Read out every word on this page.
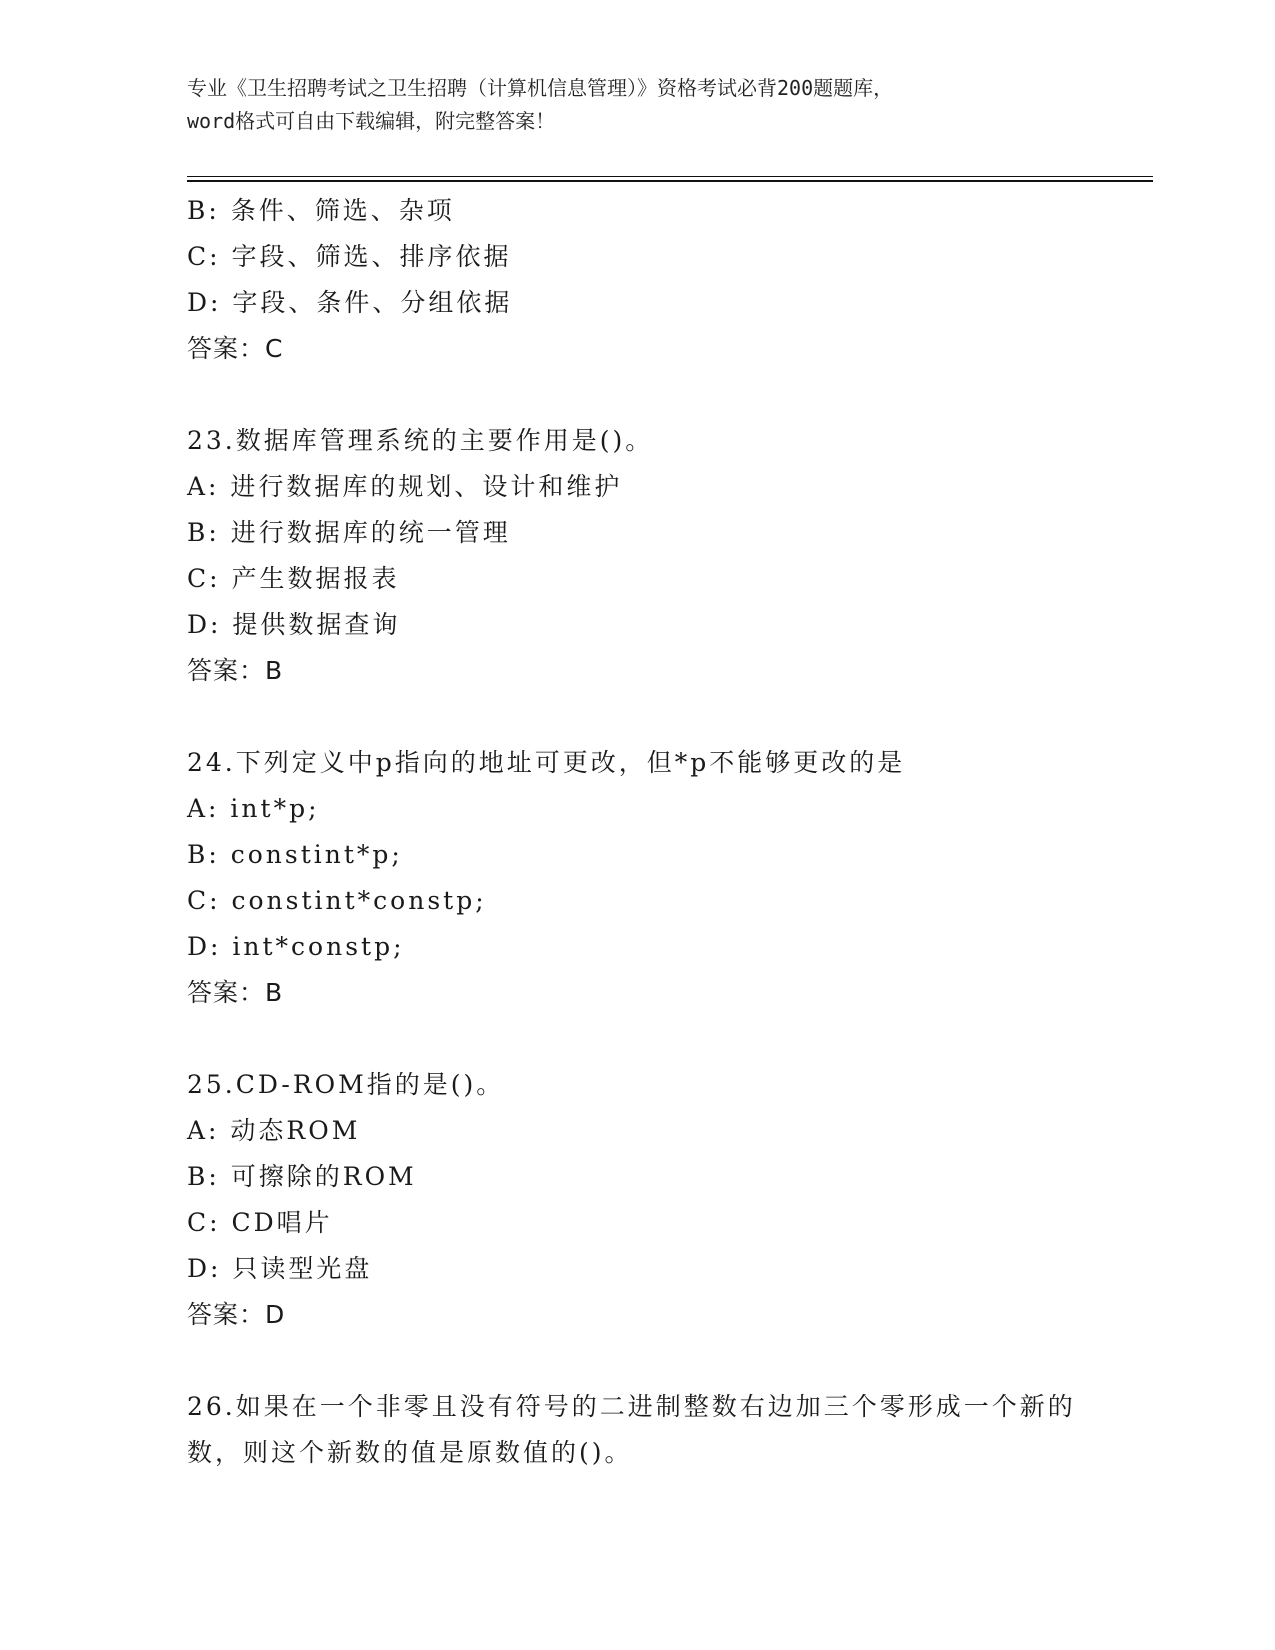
专业《卫生招聘考试之卫生招聘（计算机信息管理）》资格考试必背200题题库，
word格式可自由下载编辑，附完整答案！
B: 条件、筛选、杂项
C: 字段、筛选、排序依据
D: 字段、条件、分组依据
答案：C
23.数据库管理系统的主要作用是()。
A: 进行数据库的规划、设计和维护
B: 进行数据库的统一管理
C: 产生数据报表
D: 提供数据查询
答案：B
24.下列定义中p指向的地址可更改，但*p不能够更改的是
A: int*p;
B: constint*p;
C: constint*constp;
D: int*constp;
答案：B
25.CD-ROM指的是()。
A: 动态ROM
B: 可擦除的ROM
C: CD唱片
D: 只读型光盘
答案：D
26.如果在一个非零且没有符号的二进制整数右边加三个零形成一个新的数，则这个新数的值是原数值的()。
